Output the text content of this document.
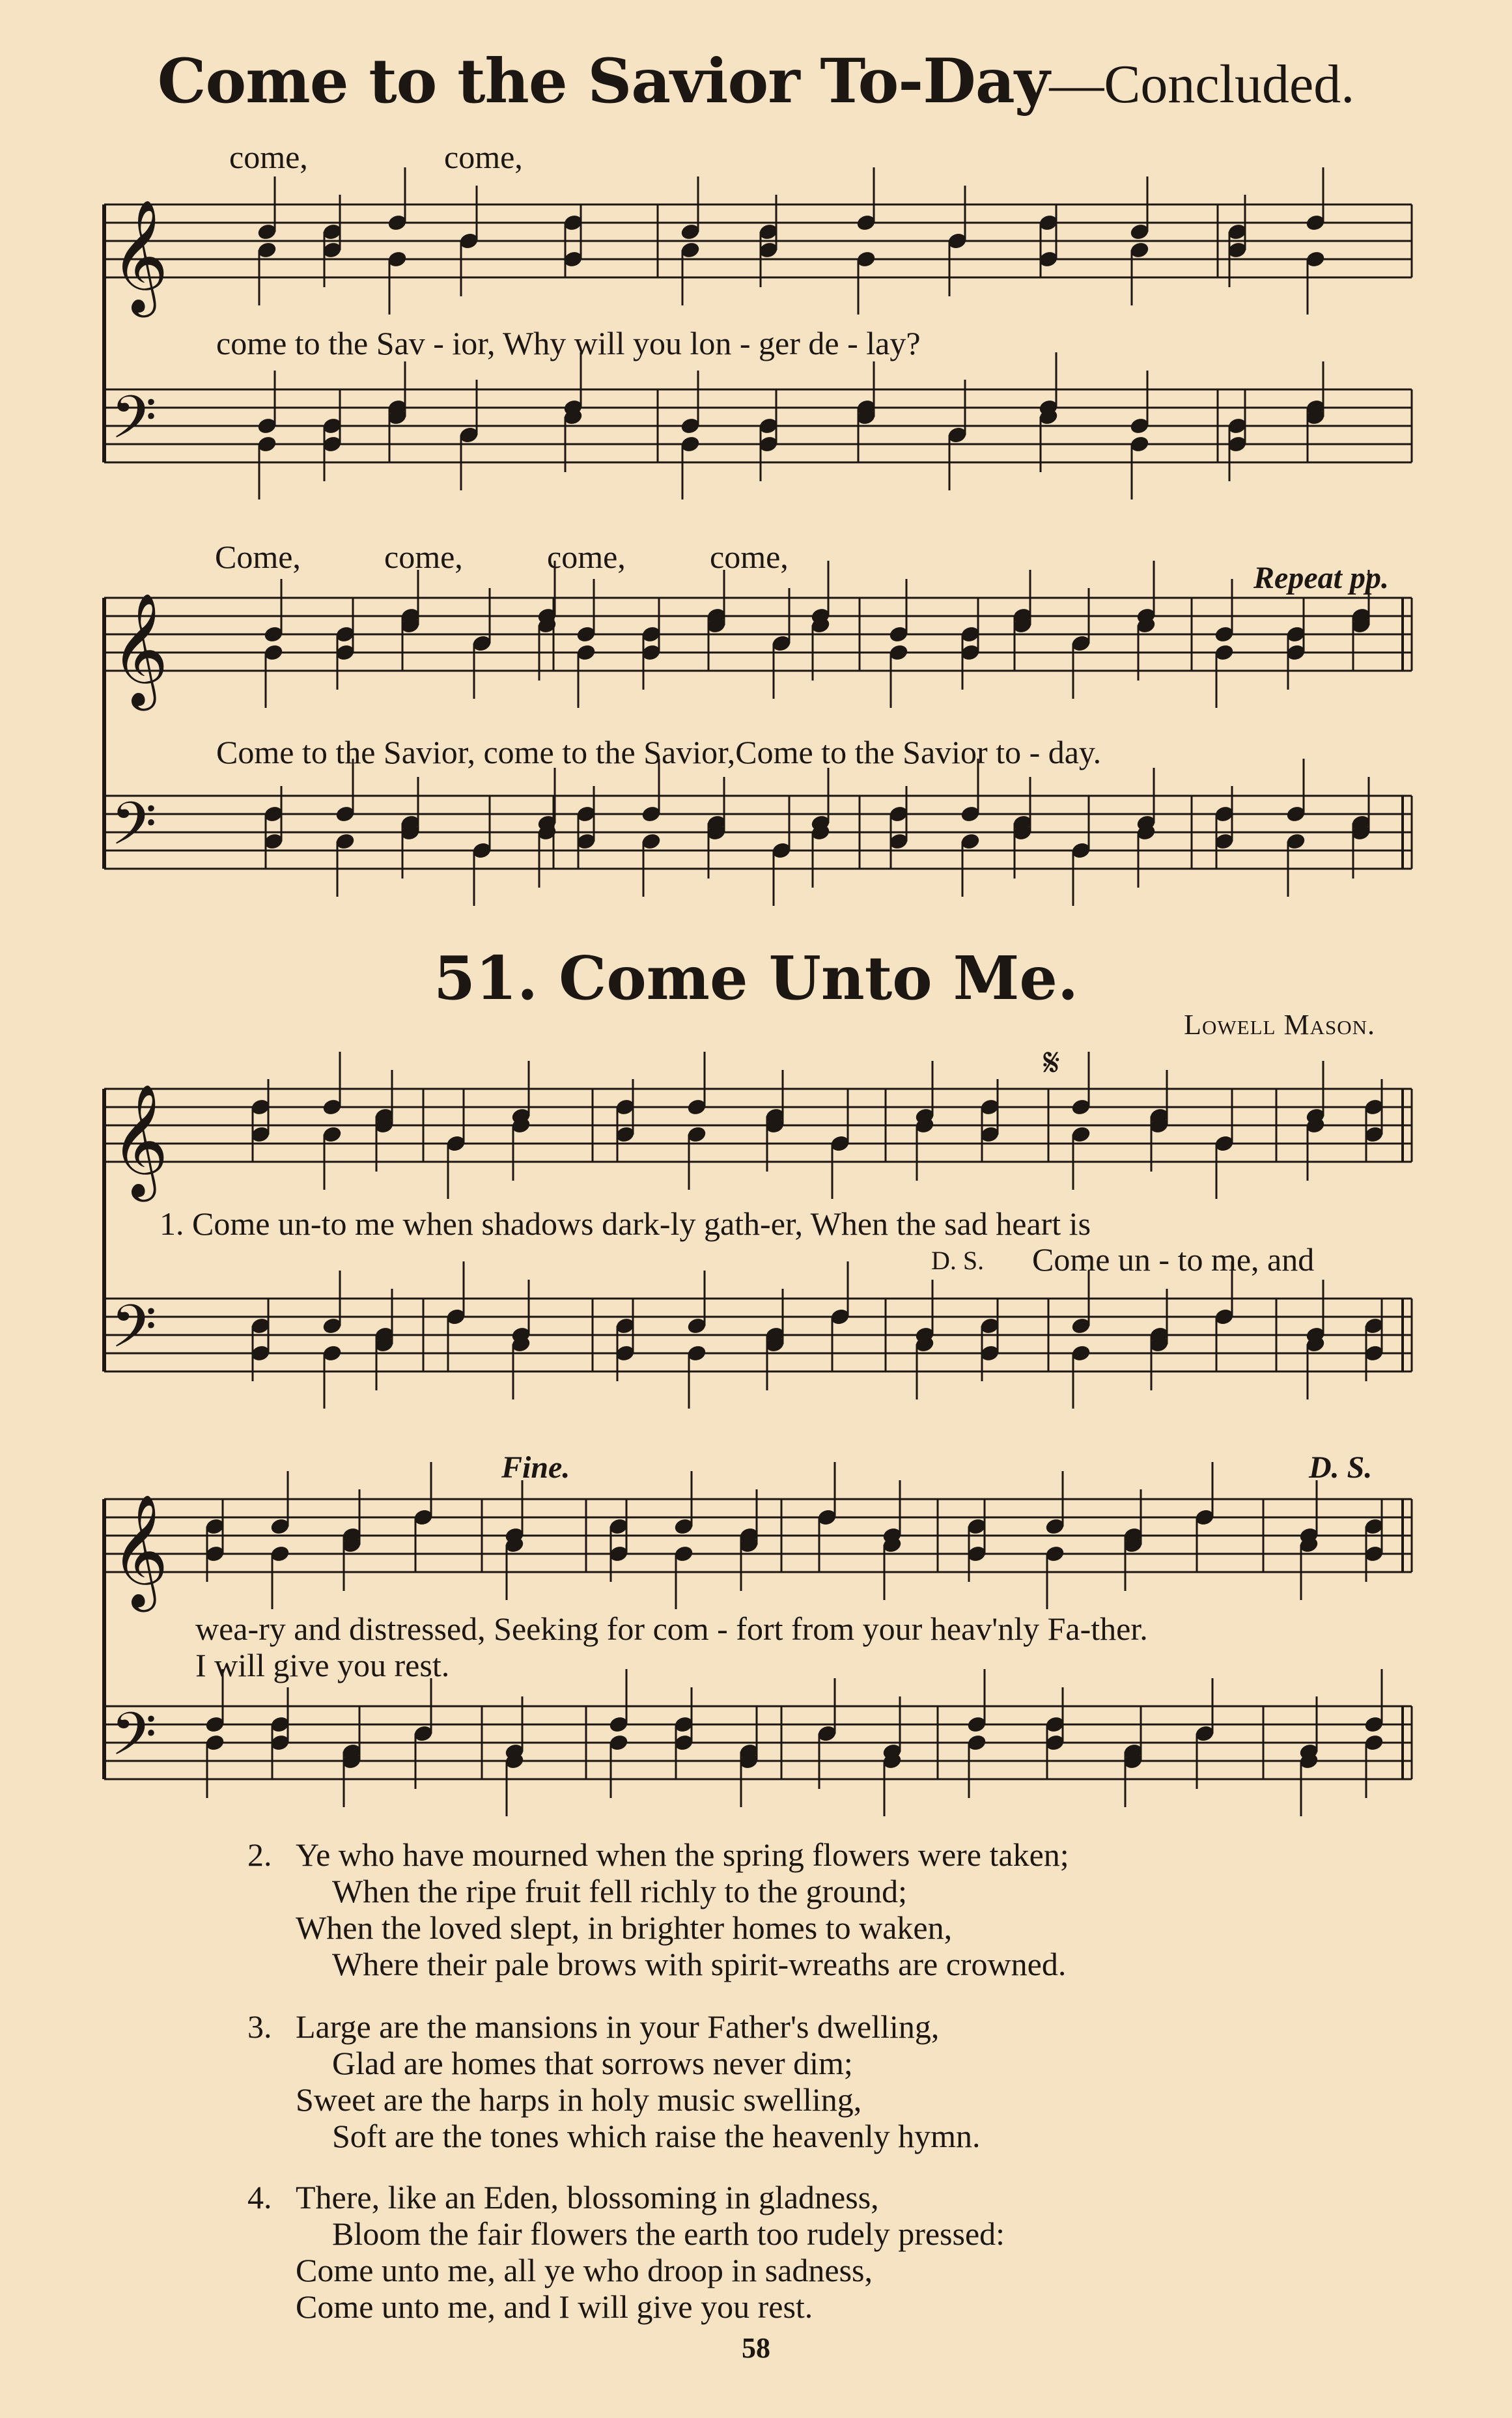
Come to the Savior To-Day—Concluded.
come,	come,
come to the Sav - ior, Why will you lon - ger de - lay?
Come,	come,	come,	come,
Repeat pp.
Come to the Savior, come to the Savior,Come to the Savior to - day.
51. Come Unto Me.
Lowell Mason.
𝄋
1. Come un-to me when shadows dark-ly gath-er, When the sad heart is
D. S. Come un - to me, and
Fine.	D. S.
wea-ry and distressed, Seeking for com - fort from your heav'nly Fa-ther.
I will give you rest.
𝄞
𝄢
𝄞
𝄢
𝄞
𝄢
𝄞
𝄢
2. Ye who have mourned when the spring flowers were taken;
When the ripe fruit fell richly to the ground;
When the loved slept, in brighter homes to waken,
Where their pale brows with spirit-wreaths are crowned.
3. Large are the mansions in your Father's dwelling,
Glad are homes that sorrows never dim;
Sweet are the harps in holy music swelling,
Soft are the tones which raise the heavenly hymn.
4. There, like an Eden, blossoming in gladness,
Bloom the fair flowers the earth too rudely pressed:
Come unto me, all ye who droop in sadness,
Come unto me, and I will give you rest.
58
